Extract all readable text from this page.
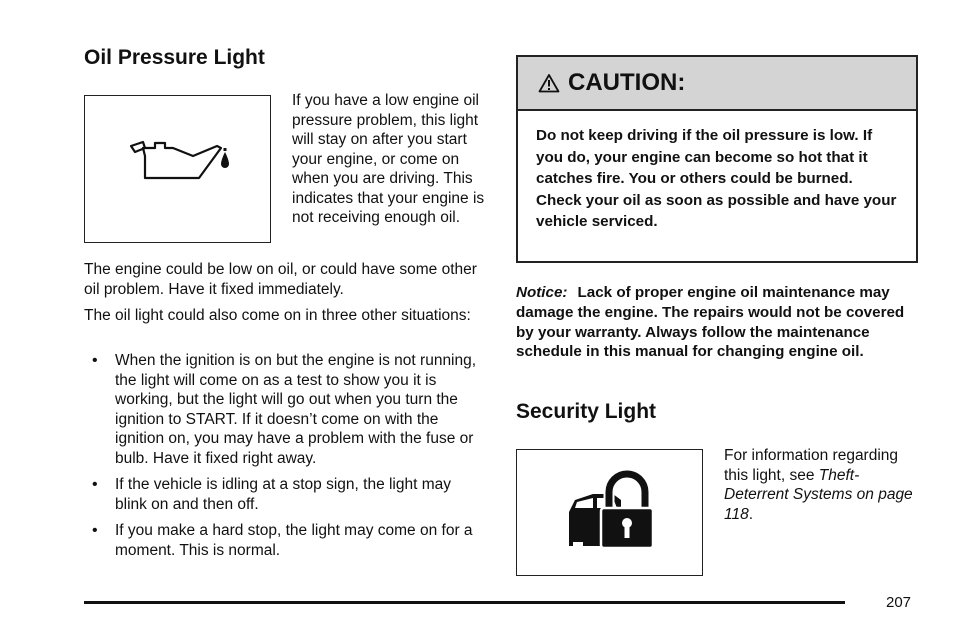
Oil Pressure Light
If you have a low engine oil pressure problem, this light will stay on after you start your engine, or come on when you are driving. This indicates that your engine is not receiving enough oil.
The engine could be low on oil, or could have some other oil problem. Have it fixed immediately.
The oil light could also come on in three other situations:
• When the ignition is on but the engine is not running, the light will come on as a test to show you it is working, but the light will go out when you turn the ignition to START. If it doesn’t come on with the ignition on, you may have a problem with the fuse or bulb. Have it fixed right away.
• If the vehicle is idling at a stop sign, the light may blink on and then off.
• If you make a hard stop, the light may come on for a moment. This is normal.
CAUTION:
Do not keep driving if the oil pressure is low. If you do, your engine can become so hot that it catches fire. You or others could be burned. Check your oil as soon as possible and have your vehicle serviced.
Notice: Lack of proper engine oil maintenance may damage the engine. The repairs would not be covered by your warranty. Always follow the maintenance schedule in this manual for changing engine oil.
Security Light
For information regarding this light, see Theft-Deterrent Systems on page 118.
207
